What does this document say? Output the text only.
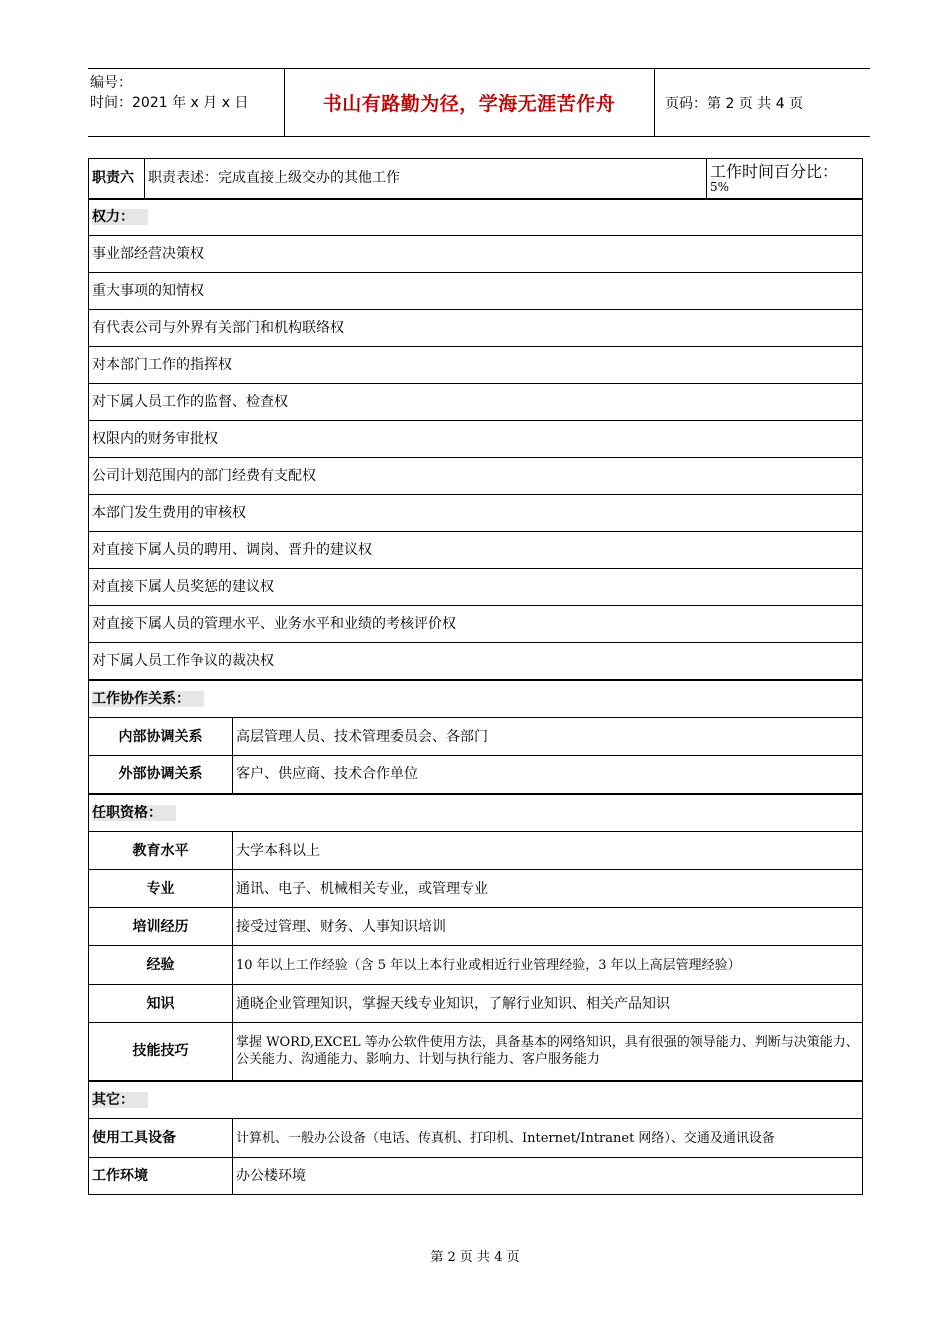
编号：
时间：2021 年 x 月 x 日	书山有路勤为径，学海无涯苦作舟	页码：第 2 页 共 4 页
职责六	职责表述：完成直接上级交办的其他工作		工作时间百分比：
5%

权力：			
事业部经营决策权			
重大事项的知情权			
有代表公司与外界有关部门和机构联络权			
对本部门工作的指挥权			
对下属人员工作的监督、检查权			
权限内的财务审批权			
公司计划范围内的部门经费有支配权			
本部门发生费用的审核权			
对直接下属人员的聘用、调岗、晋升的建议权			
对直接下属人员奖惩的建议权			
对直接下属人员的管理水平、业务水平和业绩的考核评价权			
对下属人员工作争议的裁决权			
工作协作关系：			
内部协调关系		高层管理人员、技术管理委员会、各部门	
外部协调关系		客户、供应商、技术合作单位	
任职资格：			
教育水平		大学本科以上	
专业		通讯、电子、机械相关专业，或管理专业	
培训经历		接受过管理、财务、人事知识培训	
经验		10 年以上工作经验（含 5 年以上本行业或相近行业管理经验，3 年以上高层管理经验）	
知识		通晓企业管理知识，掌握天线专业知识，了解行业知识、相关产品知识	
技能技巧		掌握 WORD,EXCEL 等办公软件使用方法，具备基本的网络知识，具有很强的领导能力、判断与决策能力、公关能力、沟通能力、影响力、计划与执行能力、客户服务能力	
其它：			
使用工具设备		计算机、一般办公设备（电话、传真机、打印机、Internet/Intranet 网络）、交通及通讯设备	
工作环境		办公楼环境	
第 2 页 共 4 页
